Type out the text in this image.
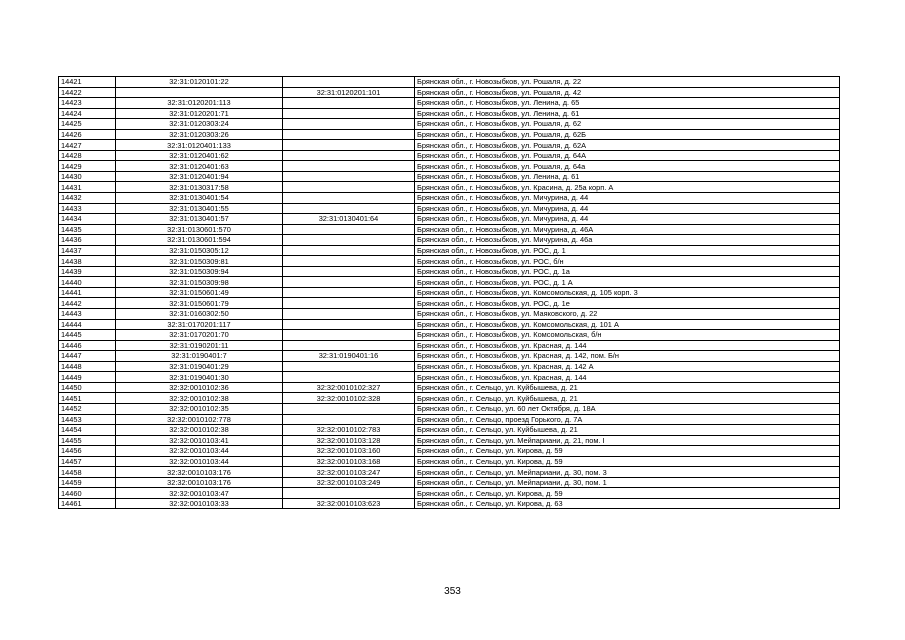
14421	32:31:0120101:22		Брянская обл., г. Новозыбков, ул. Рошаля, д. 22
14422		32:31:0120201:101	Брянская обл., г. Новозыбков, ул. Рошаля, д. 42
14423	32:31:0120201:113		Брянская обл., г. Новозыбков, ул. Ленина, д. 65
14424	32:31:0120201:71		Брянская обл., г. Новозыбков, ул. Ленина, д. 61
14425	32:31:0120303:24		Брянская обл., г. Новозыбков, ул. Рошаля, д. 62
14426	32:31:0120303:26		Брянская обл., г. Новозыбков, ул. Рошаля, д. 62Б
14427	32:31:0120401:133		Брянская обл., г. Новозыбков, ул. Рошаля, д. 62А
14428	32:31:0120401:62		Брянская обл., г. Новозыбков, ул. Рошаля, д. 64А
14429	32:31:0120401:63		Брянская обл., г. Новозыбков, ул. Рошаля, д. 64а
14430	32:31:0120401:94		Брянская обл., г. Новозыбков, ул. Ленина, д. 61
14431	32:31:0130317:58		Брянская обл., г. Новозыбков, ул. Красина, д. 25а корп. А
14432	32:31:0130401:54		Брянская обл., г. Новозыбков, ул. Мичурина, д. 44
14433	32:31:0130401:55		Брянская обл., г. Новозыбков, ул. Мичурина, д. 44
14434	32:31:0130401:57	32:31:0130401:64	Брянская обл., г. Новозыбков, ул. Мичурина, д. 44
14435	32:31:0130601:570		Брянская обл., г. Новозыбков, ул. Мичурина, д. 46А
14436	32:31:0130601:594		Брянская обл., г. Новозыбков, ул. Мичурина, д. 46а
14437	32:31:0150305:12		Брянская обл., г. Новозыбков, ул. РОС, д. 1
14438	32:31:0150309:81		Брянская обл., г. Новозыбков, ул. РОС, б/н
14439	32:31:0150309:94		Брянская обл., г. Новозыбков, ул. РОС, д. 1а
14440	32:31:0150309:98		Брянская обл., г. Новозыбков, ул. РОС, д. 1 А
14441	32:31:0150601:49		Брянская обл., г. Новозыбков, ул. Комсомольская, д. 105 корп. 3
14442	32:31:0150601:79		Брянская обл., г. Новозыбков, ул. РОС, д. 1е
14443	32:31:0160302:50		Брянская обл., г. Новозыбков, ул. Маяковского, д. 22
14444	32:31:0170201:117		Брянская обл., г. Новозыбков, ул. Комсомольская, д. 101 А
14445	32:31:0170201:70		Брянская обл., г. Новозыбков, ул. Комсомольская, б/н
14446	32:31:0190201:11		Брянская обл., г. Новозыбков, ул. Красная, д. 144
14447	32:31:0190401:7	32:31:0190401:16	Брянская обл., г. Новозыбков, ул. Красная, д. 142, пом. Б/н
14448	32:31:0190401:29		Брянская обл., г. Новозыбков, ул. Красная, д. 142 А
14449	32:31:0190401:30		Брянская обл., г. Новозыбков, ул. Красная, д. 144
14450	32:32:0010102:36	32:32:0010102:327	Брянская обл., г. Сельцо, ул. Куйбышева, д. 21
14451	32:32:0010102:38	32:32:0010102:328	Брянская обл., г. Сельцо, ул. Куйбышева, д. 21
14452	32:32:0010102:35		Брянская обл., г. Сельцо, ул. 60 лет Октября, д. 18А
14453	32:32:0010102:778		Брянская обл., г. Сельцо, проезд Горького, д. 7А
14454	32:32:0010102:38	32:32:0010102:783	Брянская обл., г. Сельцо, ул. Куйбышева, д. 21
14455	32:32:0010103:41	32:32:0010103:128	Брянская обл., г. Сельцо, ул. Мейпариани, д. 21, пом. I
14456	32:32:0010103:44	32:32:0010103:160	Брянская обл., г. Сельцо, ул. Кирова, д. 59
14457	32:32:0010103:44	32:32:0010103:168	Брянская обл., г. Сельцо, ул. Кирова, д. 59
14458	32:32:0010103:176	32:32:0010103:247	Брянская обл., г. Сельцо, ул. Мейпариани, д. 30, пом. 3
14459	32:32:0010103:176	32:32:0010103:249	Брянская обл., г. Сельцо, ул. Мейпариани, д. 30, пом. 1
14460	32:32:0010103:47		Брянская обл., г. Сельцо, ул. Кирова, д. 59
14461	32:32:0010103:33	32:32:0010103:623	Брянская обл., г. Сельцо, ул. Кирова, д. 63
353
